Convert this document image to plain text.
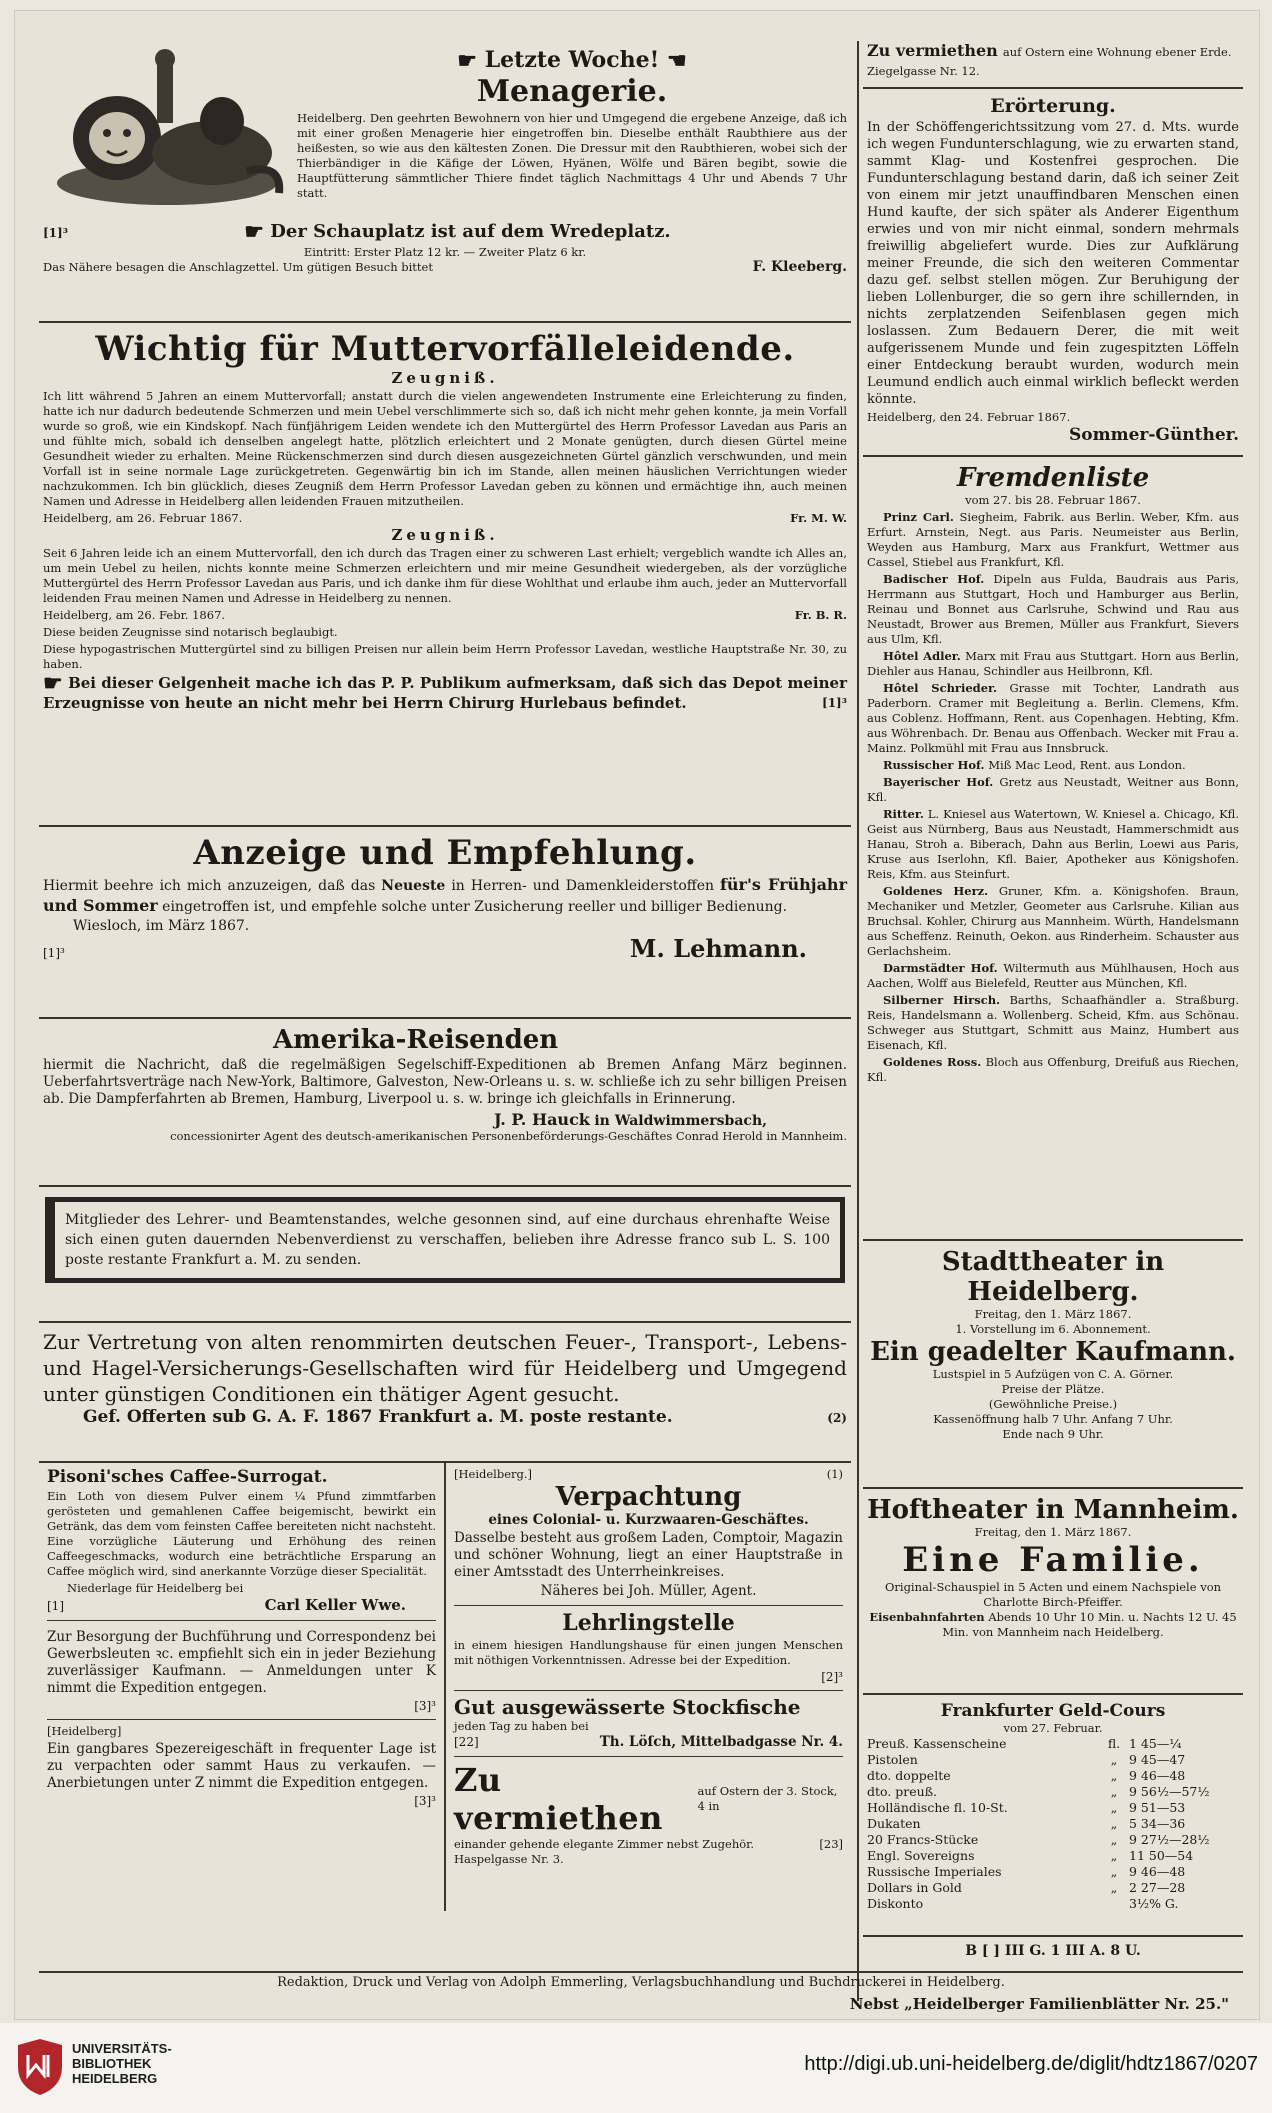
☛ Letzte Woche! ☚
Menagerie.

Heidelberg. Den geehrten Bewohnern von hier und Umgegend die ergebene Anzeige, daß ich mit einer großen Menagerie hier eingetroffen bin. Dieselbe enthält Raubthiere aus der heißesten, so wie aus den kältesten Zonen. Die Dressur mit den Raubthieren, wobei sich der Thierbändiger in die Käfige der Löwen, Hyänen, Wölfe und Bären begibt, sowie die Hauptfütterung sämmtlicher Thiere findet täglich Nachmittags 4 Uhr und Abends 7 Uhr statt.

[1]³	☛ Der Schauplatz ist auf dem Wredeplatz.
Eintritt: Erster Platz 12 kr. — Zweiter Platz 6 kr.
Das Nähere besagen die Anschlagzettel. Um gütigen Besuch bittet	F. Kleeberg.
Wichtig für Muttervorfälleleidende.
Zeugniß.

Ich litt während 5 Jahren an einem Muttervorfall; anstatt durch die vielen angewendeten Instrumente eine Erleichterung zu finden, hatte ich nur dadurch bedeutende Schmerzen und mein Uebel verschlimmerte sich so, daß ich nicht mehr gehen konnte, ja mein Vorfall wurde so groß, wie ein Kindskopf. Nach fünfjährigem Leiden wendete ich den Muttergürtel des Herrn Professor Lavedan aus Paris an und fühlte mich, sobald ich denselben angelegt hatte, plötzlich erleichtert und 2 Monate genügten, durch diesen Gürtel meine Gesundheit wieder zu erhalten. Meine Rückenschmerzen sind durch diesen ausgezeichneten Gürtel gänzlich verschwunden, und mein Vorfall ist in seine normale Lage zurückgetreten. Gegenwärtig bin ich im Stande, allen meinen häuslichen Verrichtungen wieder nachzukommen. Ich bin glücklich, dieses Zeugniß dem Herrn Professor Lavedan geben zu können und ermächtige ihn, auch meinen Namen und Adresse in Heidelberg allen leidenden Frauen mitzutheilen.

Heidelberg, am 26. Februar 1867.	Fr. M. W.
Zeugniß.

Seit 6 Jahren leide ich an einem Muttervorfall, den ich durch das Tragen einer zu schweren Last erhielt; vergeblich wandte ich Alles an, um mein Uebel zu heilen, nichts konnte meine Schmerzen erleichtern und mir meine Gesundheit wiedergeben, als der vorzügliche Muttergürtel des Herrn Professor Lavedan aus Paris, und ich danke ihm für diese Wohlthat und erlaube ihm auch, jeder an Muttervorfall leidenden Frau meinen Namen und Adresse in Heidelberg zu nennen.

Heidelberg, am 26. Febr. 1867.	Fr. B. R.

Diese beiden Zeugnisse sind notarisch beglaubigt.

Diese hypogastrischen Muttergürtel sind zu billigen Preisen nur allein beim Herrn Professor Lavedan, westliche Hauptstraße Nr. 30, zu haben.

☛ Bei dieser Gelgenheit mache ich das P. P. Publikum aufmerksam, daß sich das Depot meiner Erzeugnisse von heute an nicht mehr bei Herrn Chirurg Hurlebaus befindet.	[1]³

Anzeige und Empfehlung.

Hiermit beehre ich mich anzuzeigen, daß das Neueste in Herren- und Damenkleiderstoffen für's Frühjahr und Sommer eingetroffen ist, und empfehle solche unter Zusicherung reeller und billiger Bedienung.

Wiesloch, im März 1867.
[1]³	M. Lehmann.
Amerika-Reisenden

hiermit die Nachricht, daß die regelmäßigen Segelschiff-Expeditionen ab Bremen Anfang März beginnen. Ueberfahrtsverträge nach New-York, Baltimore, Galveston, New-Orleans u. s. w. schließe ich zu sehr billigen Preisen ab. Die Dampferfahrten ab Bremen, Hamburg, Liverpool u. s. w. bringe ich gleichfalls in Erinnerung.

J. P. Hauck in Waldwimmersbach,
concessionirter Agent des deutsch-amerikanischen Personenbeförderungs-Geschäftes Conrad Herold in Mannheim.

Mitglieder des Lehrer- und Beamtenstandes, welche gesonnen sind, auf eine durchaus ehrenhafte Weise sich einen guten dauernden Nebenverdienst zu verschaffen, belieben ihre Adresse franco sub L. S. 100 poste restante Frankfurt a. M. zu senden.

Zur Vertretung von alten renommirten deutschen Feuer-, Transport-, Lebens- und Hagel-Versicherungs-Gesellschaften wird für Heidelberg und Umgegend unter günstigen Conditionen ein thätiger Agent gesucht.

Gef. Offerten sub G. A. F. 1867 Frankfurt a. M. poste restante.	(2)
Pisoni'sches Caffee-Surrogat.

Ein Loth von diesem Pulver einem ¼ Pfund zimmtfarben gerösteten und gemahlenen Caffee beigemischt, bewirkt ein Getränk, das dem vom feinsten Caffee bereiteten nicht nachsteht. Eine vorzügliche Läuterung und Erhöhung des reinen Caffeegeschmacks, wodurch eine beträchtliche Ersparung an Caffee möglich wird, sind anerkannte Vorzüge dieser Specialität.

Niederlage für Heidelberg bei
[1]	Carl Keller Wwe.

Zur Besorgung der Buchführung und Correspondenz bei Gewerbsleuten ꝛc. empfiehlt sich ein in jeder Beziehung zuverlässiger Kaufmann. — Anmeldungen unter K nimmt die Expedition entgegen.

[3]³
[Heidelberg]

Ein gangbares Spezereigeschäft in frequenter Lage ist zu verpachten oder sammt Haus zu verkaufen. — Anerbietungen unter Z nimmt die Expedition entgegen.

[3]³
[Heidelberg.]	(1)
Verpachtung
eines Colonial- u. Kurzwaaren-Geschäftes.

Dasselbe besteht aus großem Laden, Comptoir, Magazin und schöner Wohnung, liegt an einer Hauptstraße in einer Amtsstadt des Unterrheinkreises.

Näheres bei Joh. Müller, Agent.
Lehrlingstelle

in einem hiesigen Handlungshause für einen jungen Menschen mit nöthigen Vorkenntnissen. Adresse bei der Expedition.

[2]³
Gut ausgewässerte Stockfische
jeden Tag zu haben bei
[22]	Th. Löſch, Mittelbadgasse Nr. 4.
Zu vermiethen
auf Ostern der 3. Stock, 4 in
einander gehende elegante Zimmer nebst Zugehör. Haspelgasse Nr. 3.
[23]
Zu vermiethen auf Ostern eine Wohnung ebener Erde. Ziegelgasse Nr. 12.
Erörterung.

In der Schöffengerichtssitzung vom 27. d. Mts. wurde ich wegen Fundunterschlagung, wie zu erwarten stand, sammt Klag- und Kostenfrei gesprochen. Die Fundunterschlagung bestand darin, daß ich seiner Zeit von einem mir jetzt unauffindbaren Menschen einen Hund kaufte, der sich später als Anderer Eigenthum erwies und von mir nicht einmal, sondern mehrmals freiwillig abgeliefert wurde. Dies zur Aufklärung meiner Freunde, die sich den weiteren Commentar dazu gef. selbst stellen mögen. Zur Beruhigung der lieben Lollenburger, die so gern ihre schillernden, in nichts zerplatzenden Seifenblasen gegen mich loslassen. Zum Bedauern Derer, die mit weit aufgerissenem Munde und fein zugespitzten Löffeln einer Entdeckung beraubt wurden, wodurch mein Leumund endlich auch einmal wirklich befleckt werden könnte.

Heidelberg, den 24. Februar 1867.
Sommer-Günther.
Fremdenliste
vom 27. bis 28. Februar 1867.

Prinz Carl. Siegheim, Fabrik. aus Berlin. Weber, Kfm. aus Erfurt. Arnstein, Negt. aus Paris. Neumeister aus Berlin, Weyden aus Hamburg, Marx aus Frankfurt, Wettmer aus Cassel, Stiebel aus Frankfurt, Kfl.

Badischer Hof. Dipeln aus Fulda, Baudrais aus Paris, Herrmann aus Stuttgart, Hoch und Hamburger aus Berlin, Reinau und Bonnet aus Carlsruhe, Schwind und Rau aus Neustadt, Brower aus Bremen, Müller aus Frankfurt, Sievers aus Ulm, Kfl.

Hôtel Adler. Marx mit Frau aus Stuttgart. Horn aus Berlin, Diehler aus Hanau, Schindler aus Heilbronn, Kfl.

Hôtel Schrieder. Grasse mit Tochter, Landrath aus Paderborn. Cramer mit Begleitung a. Berlin. Clemens, Kfm. aus Coblenz. Hoffmann, Rent. aus Copenhagen. Hebting, Kfm. aus Wöhrenbach. Dr. Benau aus Offenbach. Wecker mit Frau a. Mainz. Polkmühl mit Frau aus Innsbruck.

Russischer Hof. Miß Mac Leod, Rent. aus London.

Bayerischer Hof. Gretz aus Neustadt, Weitner aus Bonn, Kfl.

Ritter. L. Kniesel aus Watertown, W. Kniesel a. Chicago, Kfl. Geist aus Nürnberg, Baus aus Neustadt, Hammerschmidt aus Hanau, Stroh a. Biberach, Dahn aus Berlin, Loewi aus Paris, Kruse aus Iserlohn, Kfl. Baier, Apotheker aus Königshofen. Reis, Kfm. aus Steinfurt.

Goldenes Herz. Gruner, Kfm. a. Königshofen. Braun, Mechaniker und Metzler, Geometer aus Carlsruhe. Kilian aus Bruchsal. Kohler, Chirurg aus Mannheim. Würth, Handelsmann aus Scheffenz. Reinuth, Oekon. aus Rinderheim. Schauster aus Gerlachsheim.

Darmstädter Hof. Wiltermuth aus Mühlhausen, Hoch aus Aachen, Wolff aus Bielefeld, Reutter aus München, Kfl.

Silberner Hirsch. Barths, Schaafhändler a. Straßburg. Reis, Handelsmann a. Wollenberg. Scheid, Kfm. aus Schönau. Schweger aus Stuttgart, Schmitt aus Mainz, Humbert aus Eisenach, Kfl.

Goldenes Ross. Bloch aus Offenburg, Dreifuß aus Riechen, Kfl.

Stadttheater in Heidelberg.
Freitag, den 1. März 1867.
1. Vorstellung im 6. Abonnement.
Ein geadelter Kaufmann.
Lustspiel in 5 Aufzügen von C. A. Görner.
Preise der Plätze.
(Gewöhnliche Preise.)
Kassenöffnung halb 7 Uhr. Anfang 7 Uhr.
Ende nach 9 Uhr.
Hoftheater in Mannheim.
Freitag, den 1. März 1867.
Eine Familie.
Original-Schauspiel in 5 Acten und einem Nachspiele von Charlotte Birch-Pfeiffer.
Eisenbahnfahrten Abends 10 Uhr 10 Min. u. Nachts 12 U. 45 Min. von Mannheim nach Heidelberg.
Frankfurter Geld-Cours
vom 27. Februar.
Preuß. Kassenscheine	fl. 1 45—¼
Pistolen	„ 9 45—47
dto. doppelte	„ 9 46—48
dto. preuß.	„ 9 56½—57½
Holländische fl. 10-St.	„ 9 51—53
Dukaten	„ 5 34—36
20 Francs-Stücke	„ 9 27½—28½
Engl. Sovereigns	„ 11 50—54
Russische Imperiales	„ 9 46—48
Dollars in Gold	„ 2 27—28
Diskonto	3½% G.
B [ ] III G. 1 III A. 8 U.
Redaktion, Druck und Verlag von Adolph Emmerling, Verlagsbuchhandlung und Buchdruckerei in Heidelberg.
Nebst „Heidelberger Familienblätter Nr. 25."
UNIVERSITÄTS-
BIBLIOTHEK
HEIDELBERG
http://digi.ub.uni-heidelberg.de/diglit/hdtz1867/0207
